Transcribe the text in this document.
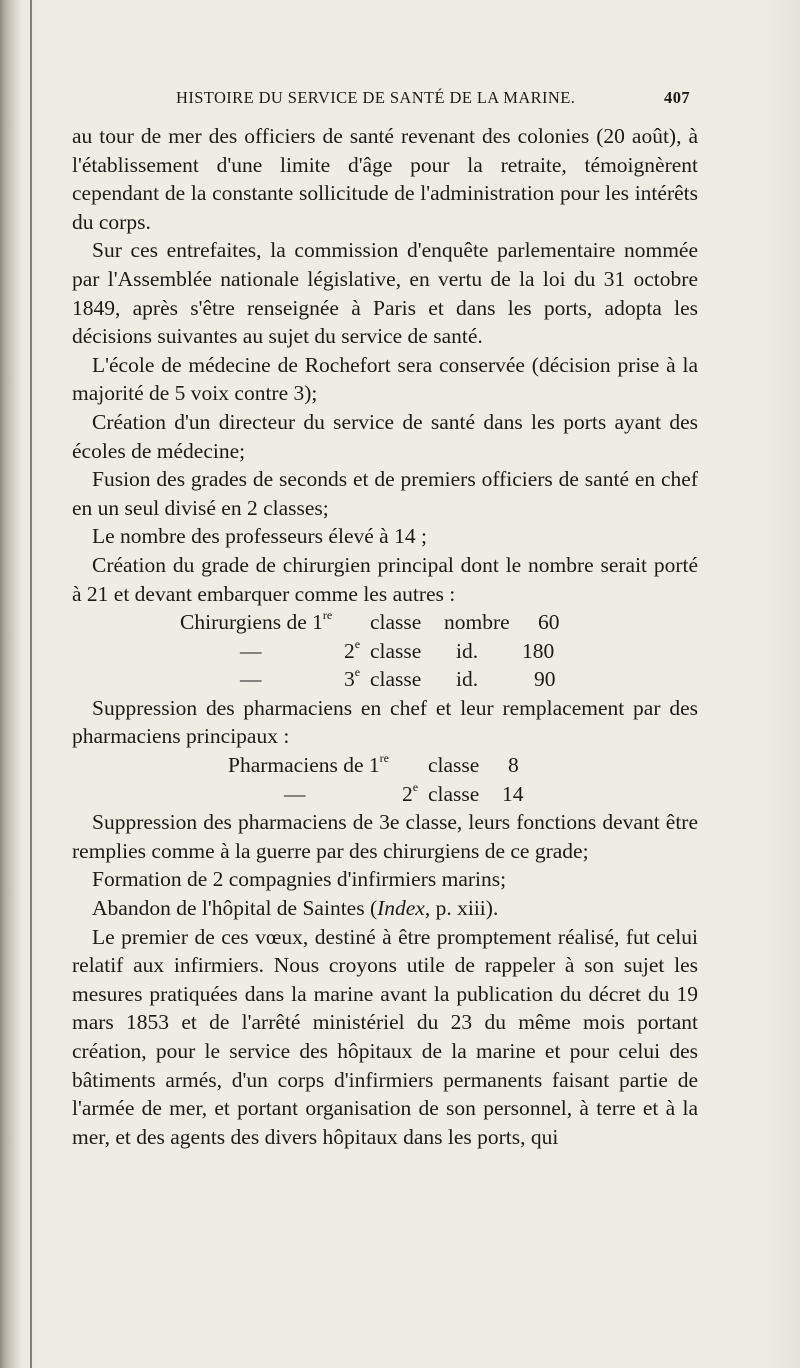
HISTOIRE DU SERVICE DE SANTÉ DE LA MARINE.	407

au tour de mer des officiers de santé revenant des colonies (20 août), à l'établissement d'une limite d'âge pour la retraite, témoignèrent cependant de la constante sollicitude de l'administration pour les intérêts du corps.

Sur ces entrefaites, la commission d'enquête parlementaire nommée par l'Assemblée nationale législative, en vertu de la loi du 31 octobre 1849, après s'être renseignée à Paris et dans les ports, adopta les décisions suivantes au sujet du service de santé.

L'école de médecine de Rochefort sera conservée (décision prise à la majorité de 5 voix contre 3);

Création d'un directeur du service de santé dans les ports ayant des écoles de médecine;

Fusion des grades de seconds et de premiers officiers de santé en chef en un seul divisé en 2 classes;

Le nombre des professeurs élevé à 14 ;

Création du grade de chirurgien principal dont le nombre serait porté à 21 et devant embarquer comme les autres :

Chirurgiens de 1re classe nombre 60
—	2e classe id. 180
—	3e classe id.	90

Suppression des pharmaciens en chef et leur remplacement par des pharmaciens principaux :

Pharmaciens de 1re classe 8
—	2e classe 14

Suppression des pharmaciens de 3e classe, leurs fonctions devant être remplies comme à la guerre par des chirurgiens de ce grade;

Formation de 2 compagnies d'infirmiers marins;

Abandon de l'hôpital de Saintes (Index, p. xiii).

Le premier de ces vœux, destiné à être promptement réalisé, fut celui relatif aux infirmiers. Nous croyons utile de rappeler à son sujet les mesures pratiquées dans la marine avant la publication du décret du 19 mars 1853 et de l'arrêté ministériel du 23 du même mois portant création, pour le service des hôpitaux de la marine et pour celui des bâtiments armés, d'un corps d'infirmiers permanents faisant partie de l'armée de mer, et portant organisation de son personnel, à terre et à la mer, et des agents des divers hôpitaux dans les ports, qui
